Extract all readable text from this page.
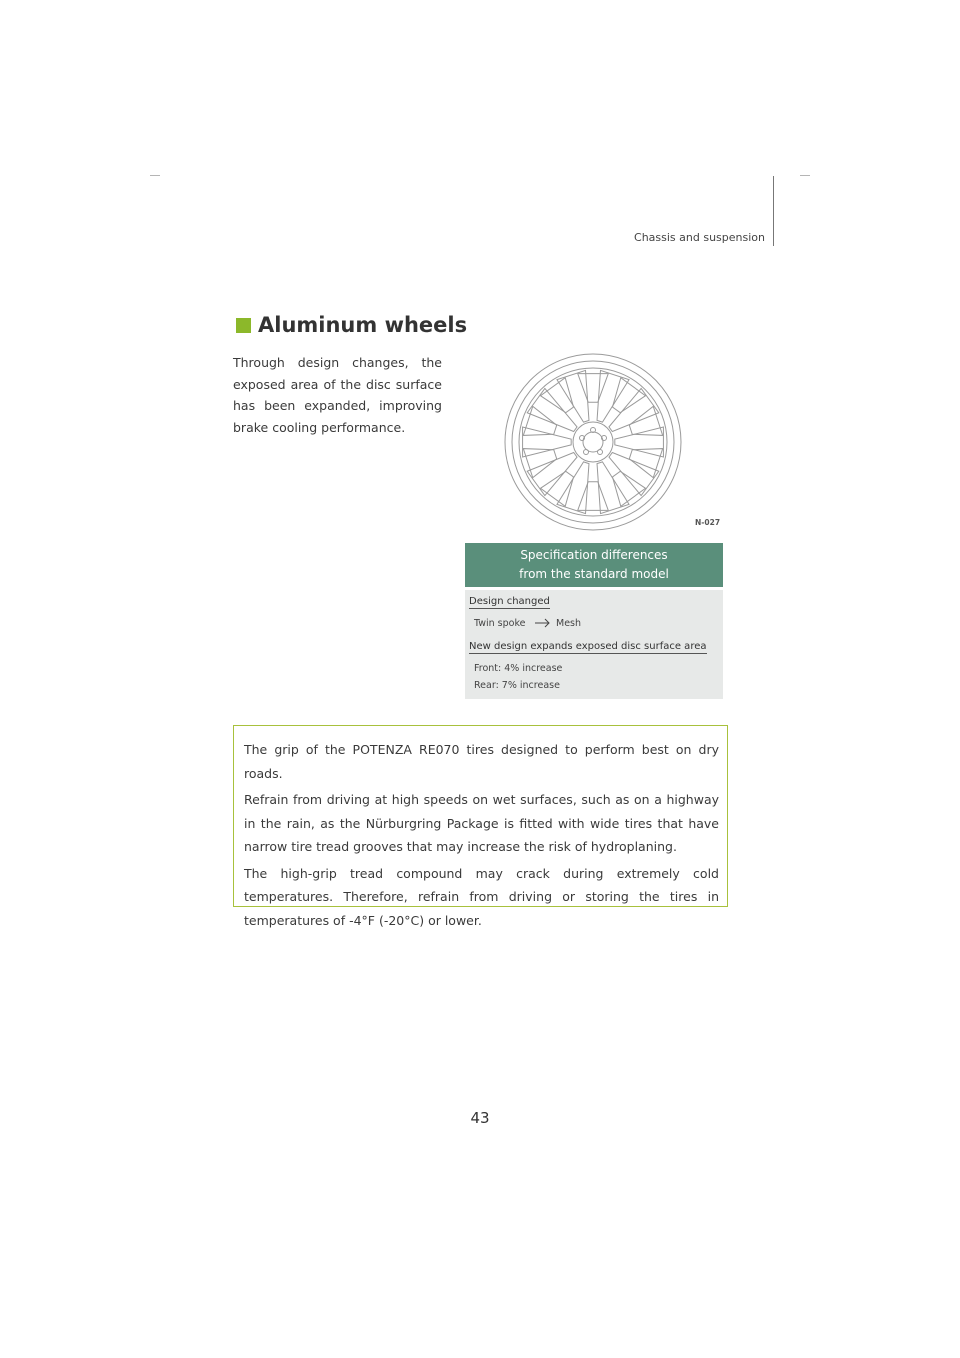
Chassis and suspension
Aluminum wheels
Through design changes, the exposed area of the disc surface has been expanded, improving brake cooling performance.
N-027
Specification differences
from the standard model
Design changed
Twin spoke	Mesh
New design expands exposed disc surface area
Front: 4% increase
Rear: 7% increase

The grip of the POTENZA RE070 tires designed to perform best on dry roads.

Refrain from driving at high speeds on wet surfaces, such as on a highway in the rain, as the Nürburgring Package is fitted with wide tires that have narrow tire tread grooves that may increase the risk of hydroplaning.

The high-grip tread compound may crack during extremely cold temperatures. Therefore, refrain from driving or storing the tires in temperatures of -4°F (-20°C) or lower.

43
